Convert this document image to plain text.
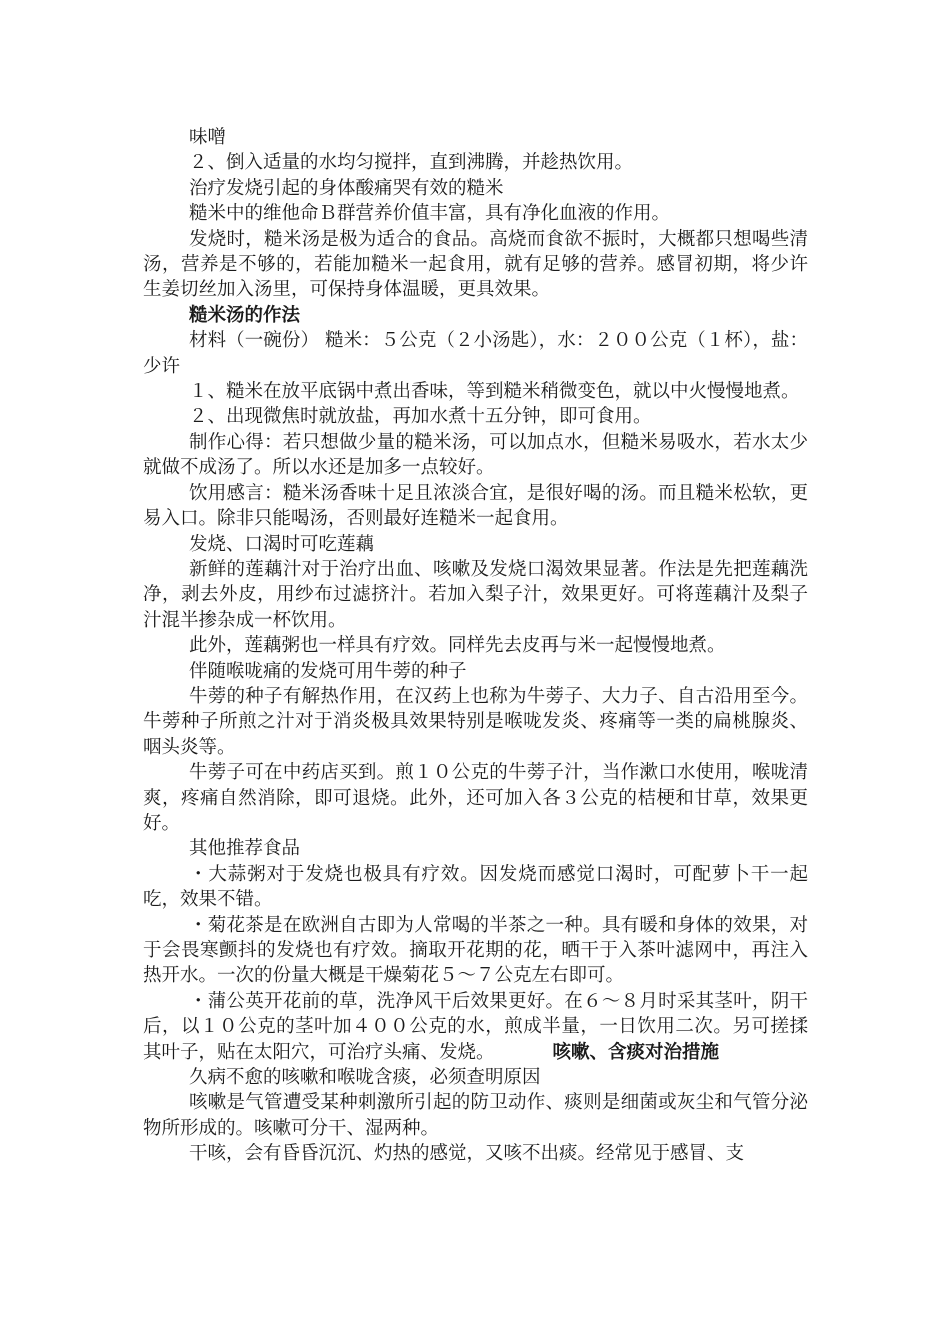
味噌

２、倒入适量的水均匀搅拌，直到沸腾，并趁热饮用。

治疗发烧引起的身体酸痛哭有效的糙米

糙米中的维他命Ｂ群营养价值丰富，具有净化血液的作用。

发烧时，糙米汤是极为适合的食品。高烧而食欲不振时，大概都只想喝些清汤，营养是不够的，若能加糙米一起食用，就有足够的营养。感冒初期，将少许生姜切丝加入汤里，可保持身体温暖，更具效果。

糙米汤的作法

材料（一碗份） 糙米：５公克（２小汤匙），水：２００公克（１杯），盐：少许

１、糙米在放平底锅中煮出香味，等到糙米稍微变色，就以中火慢慢地煮。

２、出现微焦时就放盐，再加水煮十五分钟，即可食用。

制作心得：若只想做少量的糙米汤，可以加点水，但糙米易吸水，若水太少就做不成汤了。所以水还是加多一点较好。

饮用感言：糙米汤香味十足且浓淡合宜，是很好喝的汤。而且糙米松软，更易入口。除非只能喝汤，否则最好连糙米一起食用。

发烧、口渴时可吃莲藕

新鲜的莲藕汁对于治疗出血、咳嗽及发烧口渴效果显著。作法是先把莲藕洗净，剥去外皮，用纱布过滤挤汁。若加入梨子汁，效果更好。可将莲藕汁及梨子汁混半掺杂成一杯饮用。

此外，莲藕粥也一样具有疗效。同样先去皮再与米一起慢慢地煮。

伴随喉咙痛的发烧可用牛蒡的种子

牛蒡的种子有解热作用，在汉药上也称为牛蒡子、大力子、自古沿用至今。牛蒡种子所煎之汁对于消炎极具效果特别是喉咙发炎、疼痛等一类的扁桃腺炎、咽头炎等。

牛蒡子可在中药店买到。煎１０公克的牛蒡子汁，当作漱口水使用，喉咙清爽，疼痛自然消除，即可退烧。此外，还可加入各３公克的桔梗和甘草，效果更好。

其他推荐食品

・大蒜粥对于发烧也极具有疗效。因发烧而感觉口渴时，可配萝卜干一起吃，效果不错。

・菊花茶是在欧洲自古即为人常喝的半茶之一种。具有暖和身体的效果，对于会畏寒颤抖的发烧也有疗效。摘取开花期的花，晒干于入茶叶滤网中，再注入热开水。一次的份量大概是干燥菊花５～７公克左右即可。

・蒲公英开花前的草，洗净风干后效果更好。在６～８月时采其茎叶，阴干后，以１０公克的茎叶加４００公克的水，煎成半量，一日饮用二次。另可搓揉其叶子，贴在太阳穴，可治疗头痛、发烧。	咳嗽、含痰对治措施

久病不愈的咳嗽和喉咙含痰，必须查明原因

咳嗽是气管遭受某种刺激所引起的防卫动作、痰则是细菌或灰尘和气管分泌物所形成的。咳嗽可分干、湿两种。

干咳，会有昏昏沉沉、灼热的感觉，又咳不出痰。经常见于感冒、支
